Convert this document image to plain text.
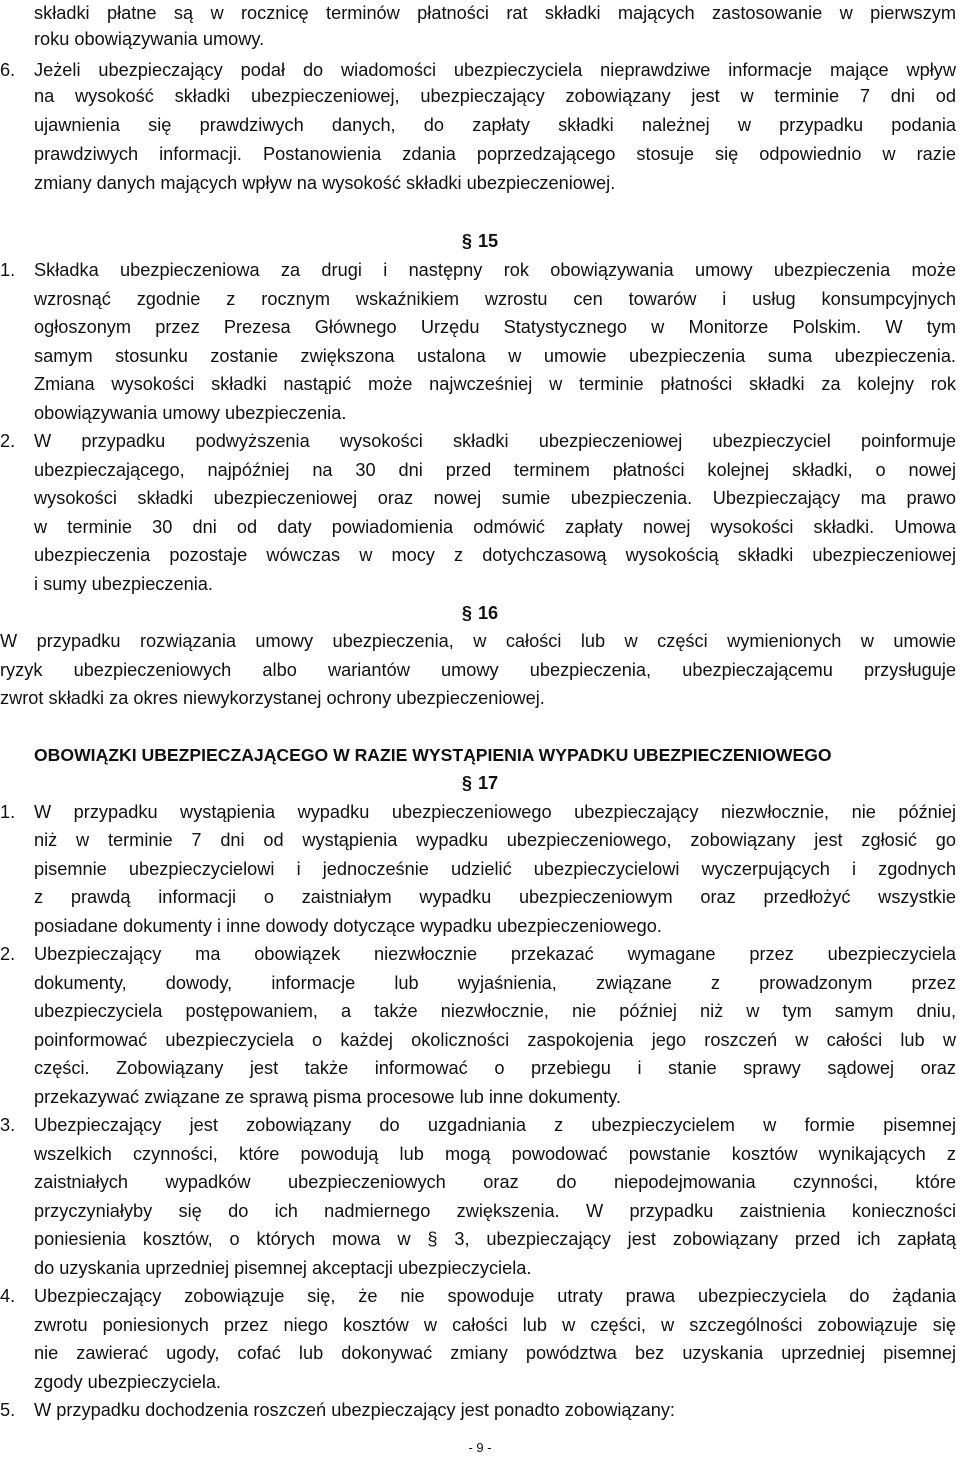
składki płatne są w rocznicę terminów płatności rat składki mających zastosowanie w pierwszym
roku obowiązywania umowy.
6.	Jeżeli ubezpieczający podał do wiadomości ubezpieczyciela nieprawdziwe informacje mające wpływ
na wysokość składki ubezpieczeniowej, ubezpieczający zobowiązany jest w terminie 7 dni od
ujawnienia się prawdziwych danych, do zapłaty składki należnej w przypadku podania
prawdziwych informacji. Postanowienia zdania poprzedzającego stosuje się odpowiednio w razie
zmiany danych mających wpływ na wysokość składki ubezpieczeniowej.
§ 15
1.	Składka ubezpieczeniowa za drugi i następny rok obowiązywania umowy ubezpieczenia może
wzrosnąć zgodnie z rocznym wskaźnikiem wzrostu cen towarów i usług konsumpcyjnych
ogłoszonym przez Prezesa Głównego Urzędu Statystycznego w Monitorze Polskim. W tym
samym stosunku zostanie zwiększona ustalona w umowie ubezpieczenia suma ubezpieczenia.
Zmiana wysokości składki nastąpić może najwcześniej w terminie płatności składki za kolejny rok
obowiązywania umowy ubezpieczenia.
2.	W przypadku podwyższenia wysokości składki ubezpieczeniowej ubezpieczyciel poinformuje
ubezpieczającego, najpóźniej na 30 dni przed terminem płatności kolejnej składki, o nowej
wysokości składki ubezpieczeniowej oraz nowej sumie ubezpieczenia. Ubezpieczający ma prawo
w terminie 30 dni od daty powiadomienia odmówić zapłaty nowej wysokości składki. Umowa
ubezpieczenia pozostaje wówczas w mocy z dotychczasową wysokością składki ubezpieczeniowej
i sumy ubezpieczenia.
§ 16
W przypadku rozwiązania umowy ubezpieczenia, w całości lub w części wymienionych w umowie
ryzyk ubezpieczeniowych albo wariantów umowy ubezpieczenia, ubezpieczającemu przysługuje
zwrot składki za okres niewykorzystanej ochrony ubezpieczeniowej.
OBOWIĄZKI UBEZPIECZAJĄCEGO W RAZIE WYSTĄPIENIA WYPADKU UBEZPIECZENIOWEGO
§ 17
1.	W przypadku wystąpienia wypadku ubezpieczeniowego ubezpieczający niezwłocznie, nie później
niż w terminie 7 dni od wystąpienia wypadku ubezpieczeniowego, zobowiązany jest zgłosić go
pisemnie ubezpieczycielowi i jednocześnie udzielić ubezpieczycielowi wyczerpujących i zgodnych
z prawdą informacji o zaistniałym wypadku ubezpieczeniowym oraz przedłożyć wszystkie
posiadane dokumenty i inne dowody dotyczące wypadku ubezpieczeniowego.
2.	Ubezpieczający ma obowiązek niezwłocznie przekazać wymagane przez ubezpieczyciela
dokumenty, dowody, informacje lub wyjaśnienia, związane z prowadzonym przez
ubezpieczyciela postępowaniem, a także niezwłocznie, nie później niż w tym samym dniu,
poinformować ubezpieczyciela o każdej okoliczności zaspokojenia jego roszczeń w całości lub w
części. Zobowiązany jest także informować o przebiegu i stanie sprawy sądowej oraz
przekazywać związane ze sprawą pisma procesowe lub inne dokumenty.
3.	Ubezpieczający jest zobowiązany do uzgadniania z ubezpieczycielem w formie pisemnej
wszelkich czynności, które powodują lub mogą powodować powstanie kosztów wynikających z
zaistniałych wypadków ubezpieczeniowych oraz do niepodejmowania czynności, które
przyczyniałyby się do ich nadmiernego zwiększenia. W przypadku zaistnienia konieczności
poniesienia kosztów, o których mowa w § 3, ubezpieczający jest zobowiązany przed ich zapłatą
do uzyskania uprzedniej pisemnej akceptacji ubezpieczyciela.
4.	Ubezpieczający zobowiązuje się, że nie spowoduje utraty prawa ubezpieczyciela do żądania
zwrotu poniesionych przez niego kosztów w całości lub w części, w szczególności zobowiązuje się
nie zawierać ugody, cofać lub dokonywać zmiany powództwa bez uzyskania uprzedniej pisemnej
zgody ubezpieczyciela.
5.	W przypadku dochodzenia roszczeń ubezpieczający jest ponadto zobowiązany:
- 9 -
